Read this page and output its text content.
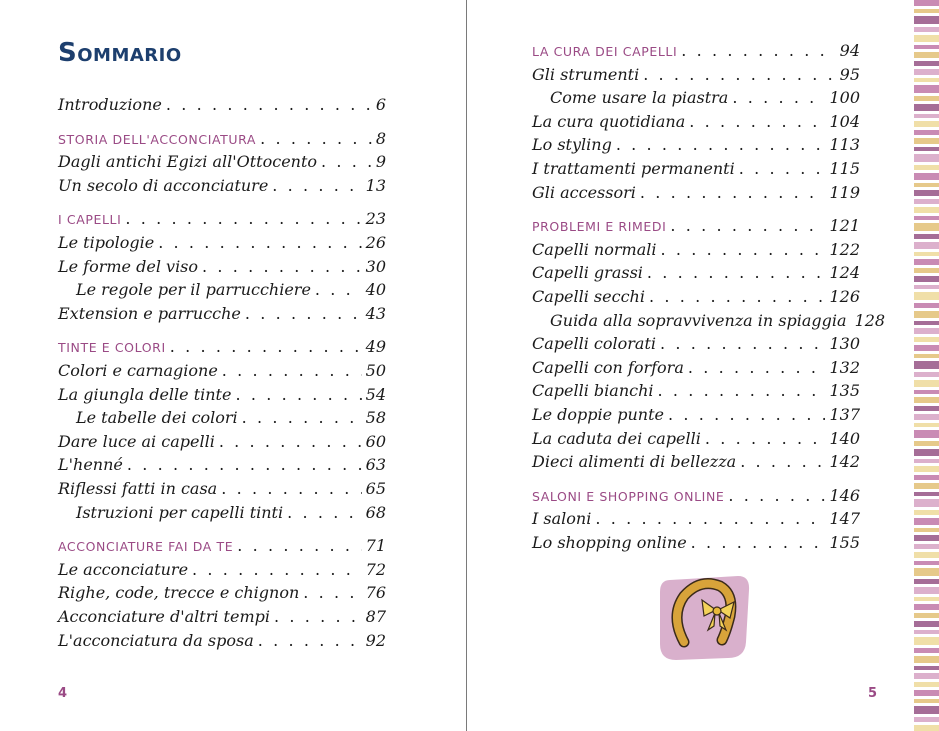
Sommario
Introduzione . . .	6
STORIA DELL'ACCONCIATURA . . .	8
Dagli antichi Egizi all'Ottocento . . .	9
Un secolo di acconciature . . .	13
I CAPELLI . . .	23
Le tipologie . . .	26
Le forme del viso . . .	30
Le regole per il parrucchiere . . .	40
Extension e parrucche . . .	43
TINTE E COLORI . . .	49
Colori e carnagione . . .	50
La giungla delle tinte . . .	54
Le tabelle dei colori . . .	58
Dare luce ai capelli . . .	60
L'henné . . .	63
Riflessi fatti in casa . . .	65
Istruzioni per capelli tinti . . .	68
ACCONCIATURE FAI DA TE . . .	71
Le acconciature . . .	72
Righe, code, trecce e chignon . . .	76
Acconciature d'altri tempi . . .	87
L'acconciatura da sposa . . .	92
4
LA CURA DEI CAPELLI . . .	94
Gli strumenti . . .	95
Come usare la piastra . . .	100
La cura quotidiana . . .	104
Lo styling . . .	113
I trattamenti permanenti . . .	115
Gli accessori . . .	119
PROBLEMI E RIMEDI . . .	121
Capelli normali . . .	122
Capelli grassi . . .	124
Capelli secchi . . .	126
Guida alla sopravvivenza in spiaggia 128
Capelli colorati . . .	130
Capelli con forfora . . .	132
Capelli bianchi . . .	135
Le doppie punte . . .	137
La caduta dei capelli . . .	140
Dieci alimenti di bellezza . . .	142
SALONI E SHOPPING ONLINE . . .	146
I saloni . . .	147
Lo shopping online . . .	155
5
